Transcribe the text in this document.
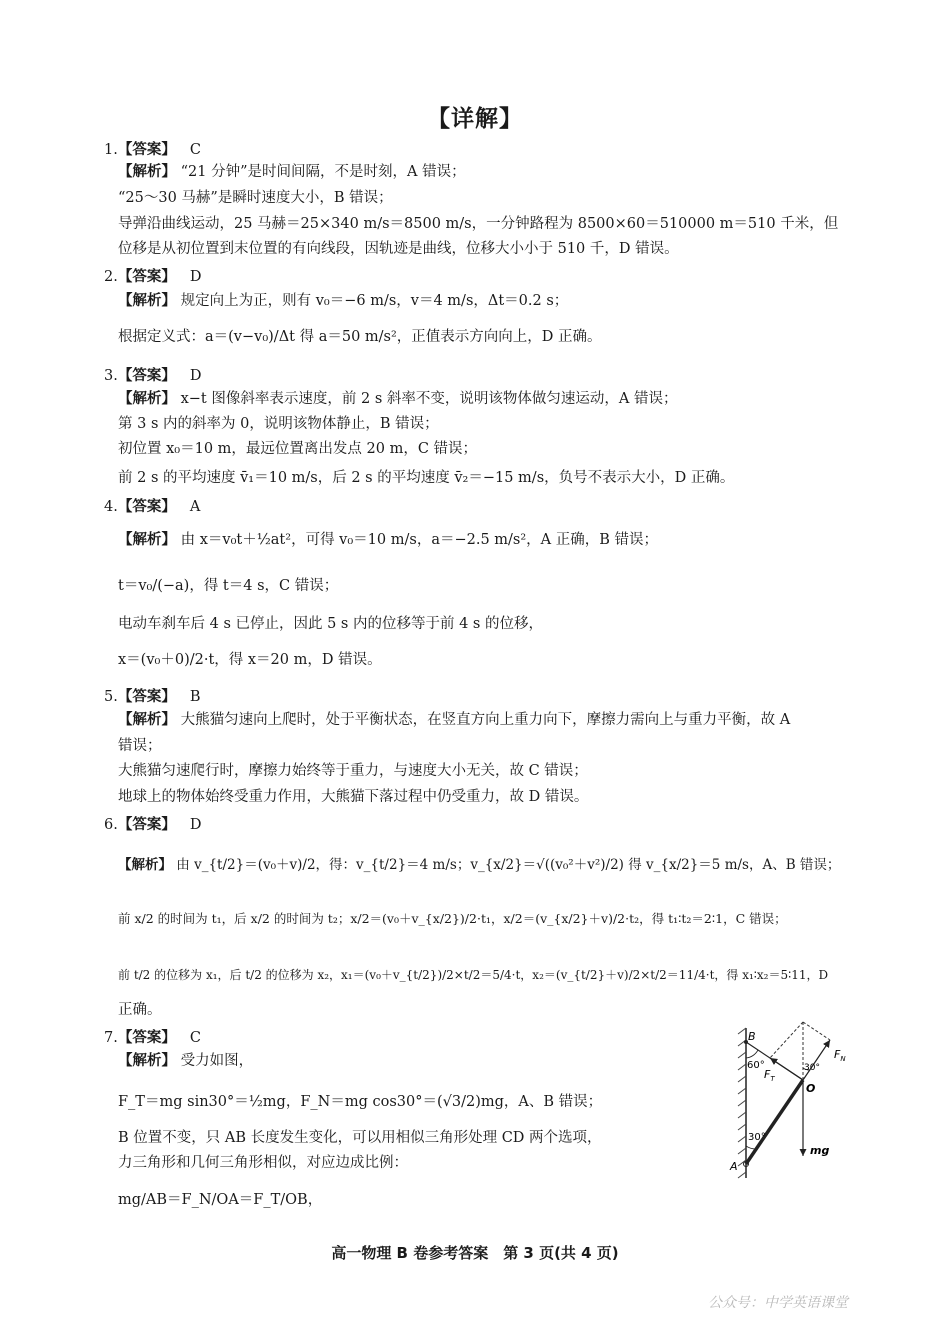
【详解】
1.【答案】 C
【解析】 “21 分钟”是时间间隔，不是时刻，A 错误；
“25～30 马赫”是瞬时速度大小，B 错误；
导弹沿曲线运动，25 马赫＝25×340 m/s＝8500 m/s，一分钟路程为 8500×60＝510000 m＝510 千米，但
位移是从初位置到末位置的有向线段，因轨迹是曲线，位移大小小于 510 千，D 错误。
2.【答案】 D
【解析】 规定向上为正，则有 v₀＝−6 m/s，v＝4 m/s，Δt＝0.2 s；
根据定义式：a＝(v−v₀)/Δt 得 a＝50 m/s²，正值表示方向向上，D 正确。
3.【答案】 D
【解析】 x−t 图像斜率表示速度，前 2 s 斜率不变，说明该物体做匀速运动，A 错误；
第 3 s 内的斜率为 0，说明该物体静止，B 错误；
初位置 x₀＝10 m，最远位置离出发点 20 m，C 错误；
前 2 s 的平均速度 v̄₁＝10 m/s，后 2 s 的平均速度 v̄₂＝−15 m/s，负号不表示大小，D 正确。
4.【答案】 A
【解析】 由 x＝v₀t＋½at²，可得 v₀＝10 m/s，a＝−2.5 m/s²，A 正确，B 错误；
t＝v₀/(−a)，得 t＝4 s，C 错误；
电动车刹车后 4 s 已停止，因此 5 s 内的位移等于前 4 s 的位移，
x＝(v₀＋0)/2·t，得 x＝20 m，D 错误。
5.【答案】 B
【解析】 大熊猫匀速向上爬时，处于平衡状态，在竖直方向上重力向下，摩擦力需向上与重力平衡，故 A
错误；
大熊猫匀速爬行时，摩擦力始终等于重力，与速度大小无关，故 C 错误；
地球上的物体始终受重力作用，大熊猫下落过程中仍受重力，故 D 错误。
6.【答案】 D
【解析】 由 v_{t/2}＝(v₀＋v)/2，得：v_{t/2}＝4 m/s；v_{x/2}＝√((v₀²＋v²)/2) 得 v_{x/2}＝5 m/s，A、B 错误；
前 x/2 的时间为 t₁，后 x/2 的时间为 t₂；x/2＝(v₀＋v_{x/2})/2·t₁，x/2＝(v_{x/2}＋v)/2·t₂，得 t₁∶t₂＝2∶1，C 错误；
前 t/2 的位移为 x₁，后 t/2 的位移为 x₂，x₁＝(v₀＋v_{t/2})/2×t/2＝5/4·t，x₂＝(v_{t/2}＋v)/2×t/2＝11/4·t，得 x₁∶x₂＝5∶11，D
正确。
7.【答案】 C
【解析】 受力如图，
F_T＝mg sin30°＝½mg，F_N＝mg cos30°＝(√3/2)mg，A、B 错误；
B 位置不变，只 AB 长度发生变化，可以用相似三角形处理 CD 两个选项，
力三角形和几何三角形相似，对应边成比例：
mg/AB＝F_N/OA＝F_T/OB，
B
60°
$F_T$
30°
$F_N$
O
30°
mg
A
高一物理 B 卷参考答案　第 3 页(共 4 页)
公众号：中学英语课堂
